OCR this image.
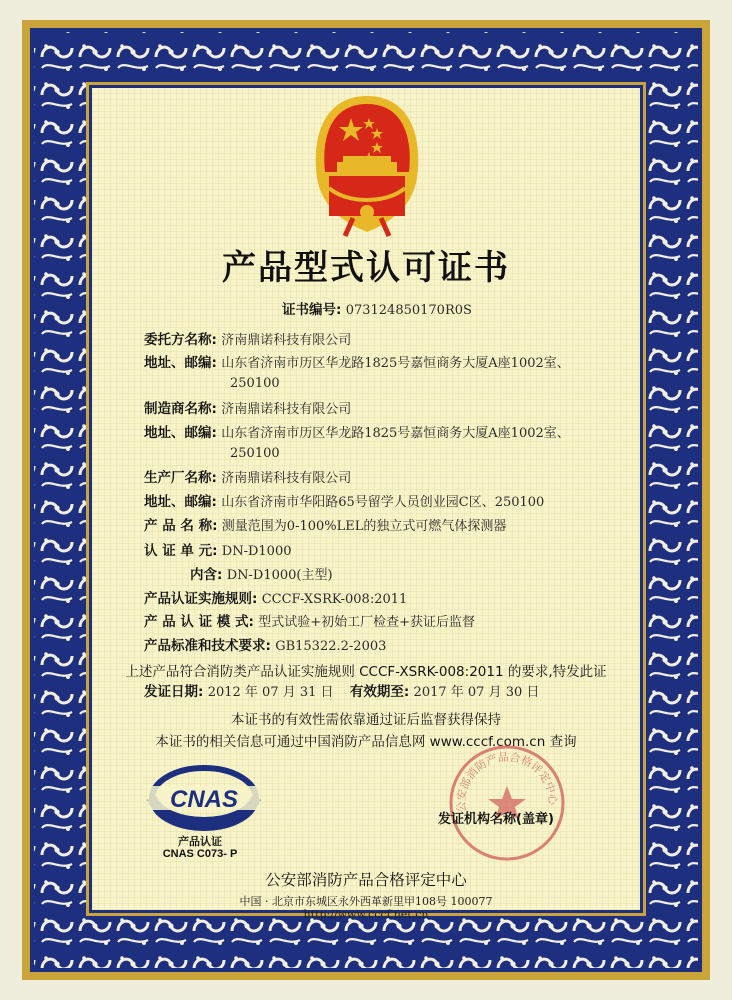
产品型式认可证书
证书编号: 073124850170R0S
委托方名称: 济南鼎诺科技有限公司
地址、邮编: 山东省济南市历区华龙路1825号嘉恒商务大厦A座1002室、
250100
制造商名称: 济南鼎诺科技有限公司
地址、邮编: 山东省济南市历区华龙路1825号嘉恒商务大厦A座1002室、
250100
生产厂名称: 济南鼎诺科技有限公司
地址、邮编: 山东省济南市华阳路65号留学人员创业园C区、250100
产 品 名 称: 测量范围为0-100%LEL的独立式可燃气体探测器
认 证 单 元: DN-D1000
内含: DN-D1000(主型)
产品认证实施规则: CCCF-XSRK-008:2011
产 品 认 证 模 式: 型式试验+初始工厂检查+获证后监督
产品标准和技术要求: GB15322.2-2003
上述产品符合消防类产品认证实施规则 CCCF-XSRK-008:2011 的要求,特发此证
发证日期: 2012 年 07 月 31 日 有效期至: 2017 年 07 月 30 日
本证书的有效性需依靠通过证后监督获得保持
本证书的相关信息可通过中国消防产品信息网 www.cccf.com.cn 查询
CNAS
产品认证
CNAS C073- P
公安部消防产品合格评定中心
发证机构名称(盖章)
公安部消防产品合格评定中心
中国 · 北京市东城区永外西革新里甲108号 100077
http://www.cccf.net.cn
